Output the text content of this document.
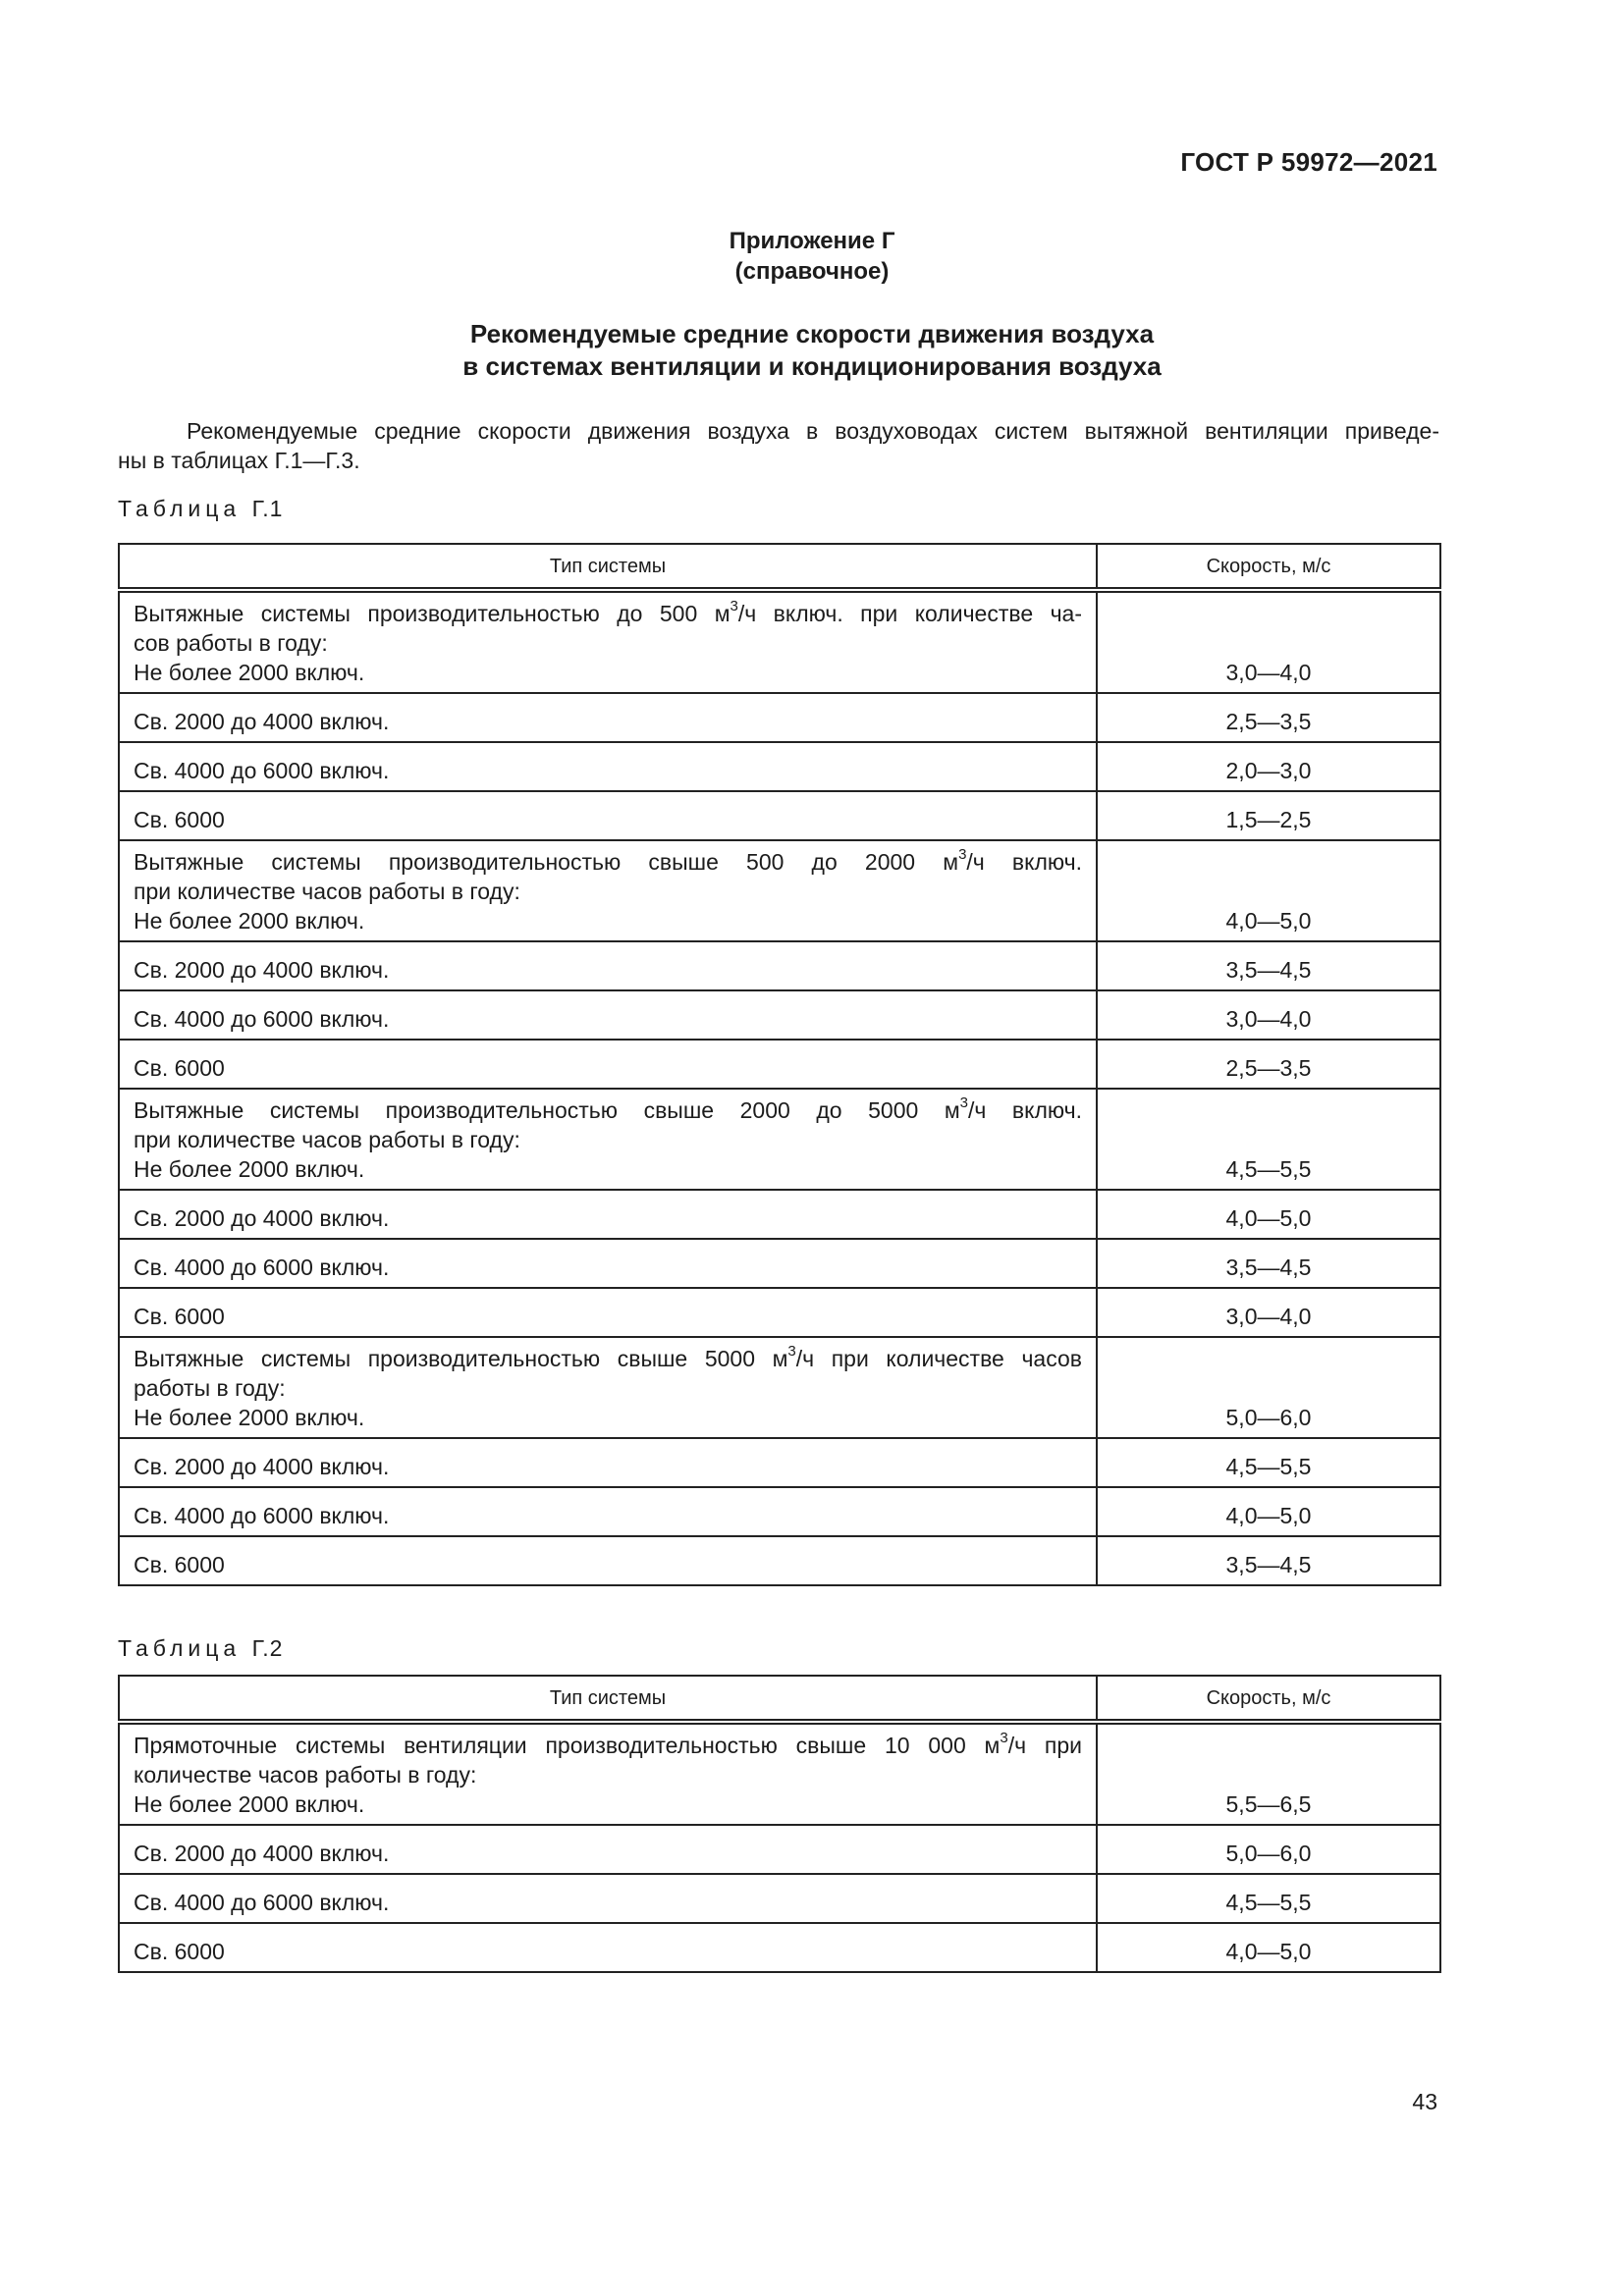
ГОСТ Р 59972—2021
Приложение Г
(справочное)
Рекомендуемые средние скорости движения воздуха
в системах вентиляции и кондиционирования воздуха
Рекомендуемые средние скорости движения воздуха в воздуховодах систем вытяжной вентиляции приведе-
ны в таблицах Г.1—Г.3.
Таблица Г.1
Тип системы	Скорость, м/с

Вытяжные системы производительностью до 500 $м^3/ч$ включ. при количестве ча-
сов работы в году:
Не более 2000 включ.	3,0—4,0

Св. 2000 до 4000 включ.	2,5—3,5

Св. 4000 до 6000 включ.	2,0—3,0

Св. 6000	1,5—2,5

Вытяжные системы производительностью свыше 500 до 2000 $м^3/ч$ включ.
при количестве часов работы в году:
Не более 2000 включ.	4,0—5,0

Св. 2000 до 4000 включ.	3,5—4,5

Св. 4000 до 6000 включ.	3,0—4,0

Св. 6000	2,5—3,5

Вытяжные системы производительностью свыше 2000 до 5000 $м^3/ч$ включ.
при количестве часов работы в году:
Не более 2000 включ.	4,5—5,5

Св. 2000 до 4000 включ.	4,0—5,0

Св. 4000 до 6000 включ.	3,5—4,5

Св. 6000	3,0—4,0

Вытяжные системы производительностью свыше 5000 $м^3/ч$ при количестве часов
работы в году:
Не более 2000 включ.	5,0—6,0

Св. 2000 до 4000 включ.	4,5—5,5

Св. 4000 до 6000 включ.	4,0—5,0

Св. 6000	3,5—4,5
Таблица Г.2
Тип системы	Скорость, м/с

Прямоточные системы вентиляции производительностью свыше 10 000 $м^3/ч$ при
количестве часов работы в году:
Не более 2000 включ.	5,5—6,5

Св. 2000 до 4000 включ.	5,0—6,0

Св. 4000 до 6000 включ.	4,5—5,5

Св. 6000	4,0—5,0
43
